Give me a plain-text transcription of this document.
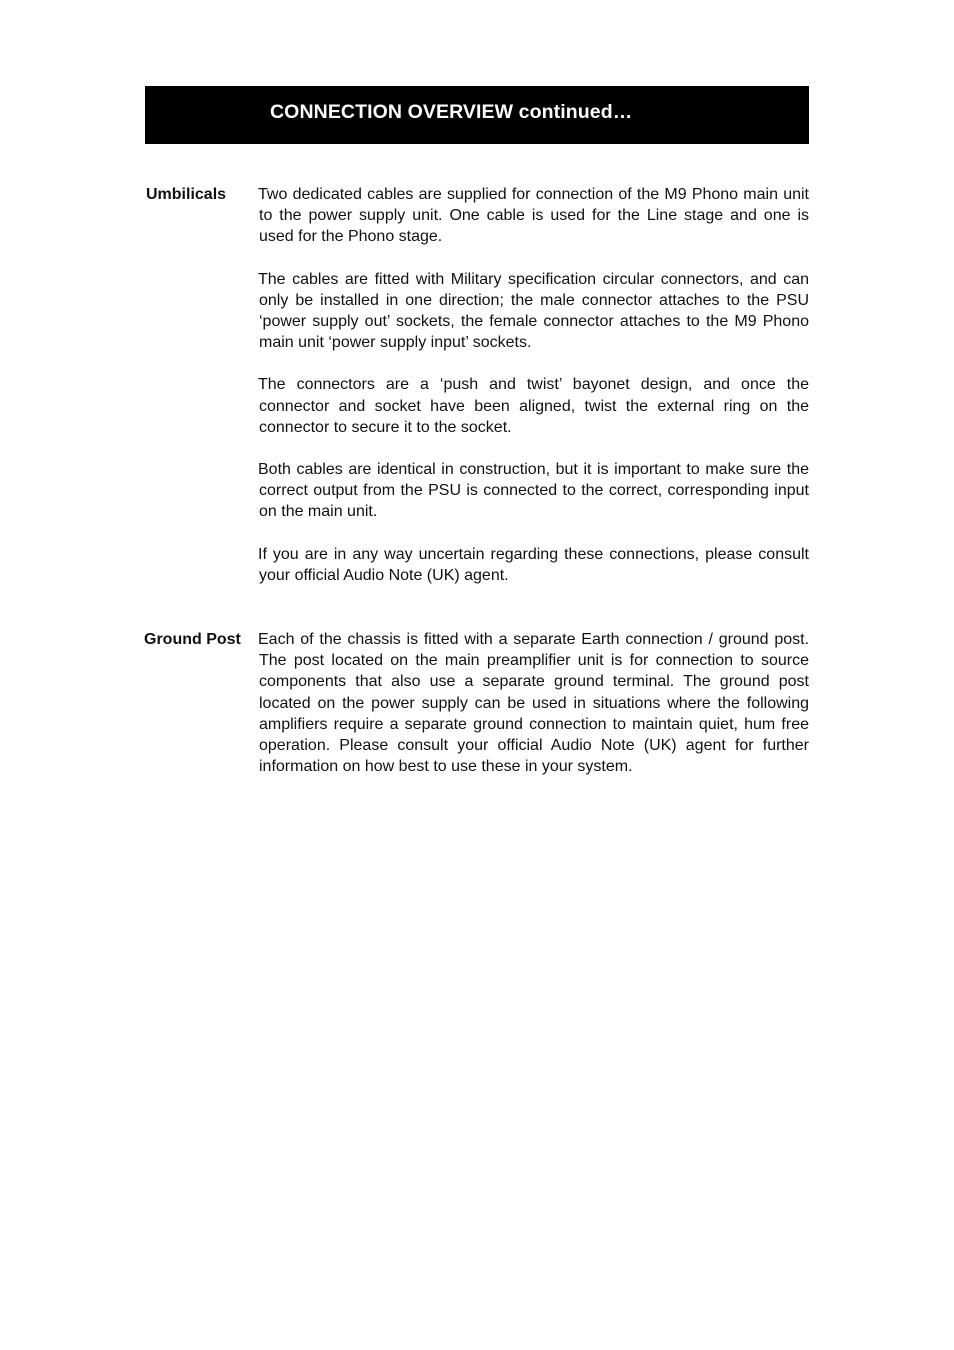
CONNECTION OVERVIEW continued…
Umbilicals Two dedicated cables are supplied for connection of the M9 Phono main unit to the power supply unit. One cable is used for the Line stage and one is used for the Phono stage.

The cables are fitted with Military specification circular connectors, and can only be installed in one direction; the male connector attaches to the PSU ‘power supply out’ sockets, the female connector attaches to the M9 Phono main unit ‘power supply input’ sockets.

The connectors are a ‘push and twist’ bayonet design, and once the connector and socket have been aligned, twist the external ring on the connector to secure it to the socket.

Both cables are identical in construction, but it is important to make sure the correct output from the PSU is connected to the correct, corresponding input on the main unit.

If you are in any way uncertain regarding these connections, please consult your official Audio Note (UK) agent.

Ground Post Each of the chassis is fitted with a separate Earth connection / ground post. The post located on the main preamplifier unit is for connection to source components that also use a separate ground terminal. The ground post located on the power supply can be used in situations where the following amplifiers require a separate ground connection to maintain quiet, hum free operation. Please consult your official Audio Note (UK) agent for further information on how best to use these in your system.
